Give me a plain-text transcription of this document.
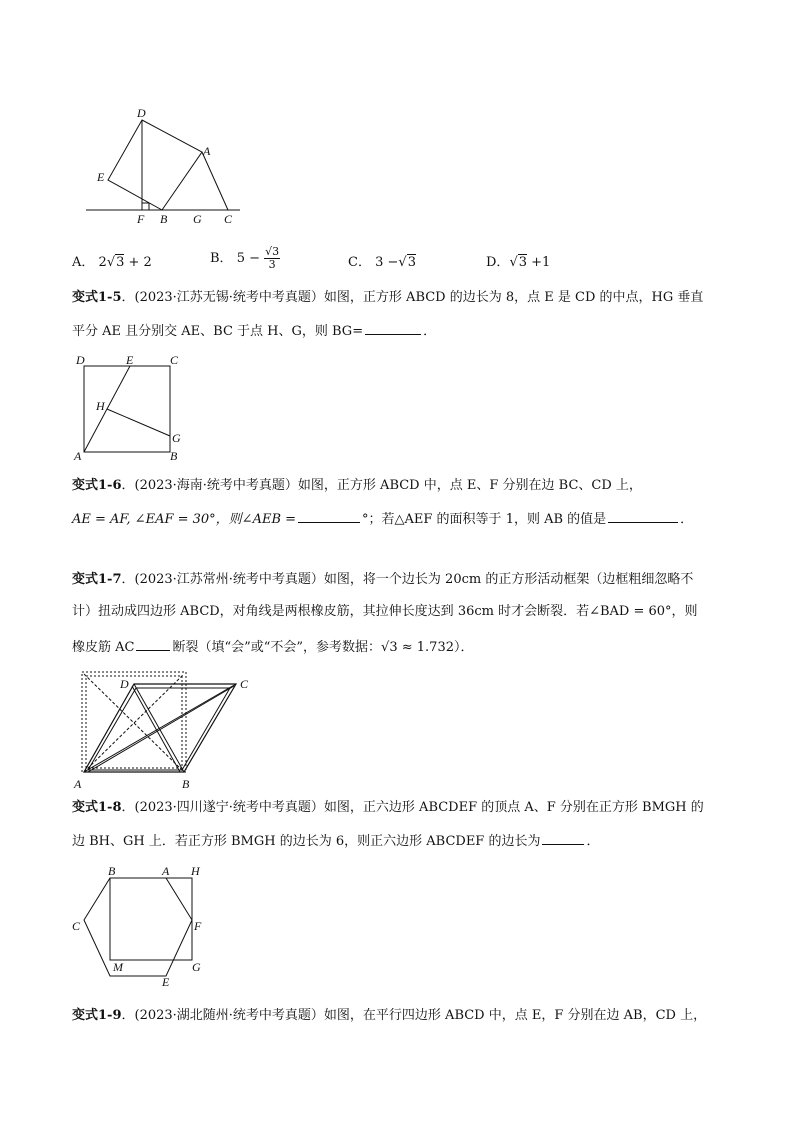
D
A
E
F B G C
A． 2√3 + 2	B． $5 - \frac{√3}{3}$	C． 3 −√3	D．√3 +1
变式1-5．(2023·江苏无锡·统考中考真题）如图，正方形 ABCD 的边长为 8，点 E 是 CD 的中点，HG 垂直
平分 AE 且分别交 AE、BC 于点 H、G，则 BG=	．
D	E	C
H
G
A	B
变式1-6．(2023·海南·统考中考真题）如图，正方形 ABCD 中，点 E、F 分别在边 BC、CD 上，
AE = AF, ∠EAF = 30°，则∠AEB =	°；若△AEF 的面积等于 1，则 AB 的值是	．
变式1-7．(2023·江苏常州·统考中考真题）如图，将一个边长为 20cm 的正方形活动框架（边框粗细忽略不
计）扭动成四边形 ABCD，对角线是两根橡皮筋，其拉伸长度达到 36cm 时才会断裂．若∠BAD = 60°，则
橡皮筋 AC	断裂（填“会”或“不会”，参考数据：√3 ≈ 1.732）．
D	C
A	B
变式1-8．(2023·四川遂宁·统考中考真题）如图，正六边形 ABCDEF 的顶点 A、F 分别在正方形 BMGH 的
边 BH、GH 上．若正方形 BMGH 的边长为 6，则正六边形 ABCDEF 的边长为	．
B	A H
C	F
M
E
G
变式1-9．(2023·湖北随州·统考中考真题）如图，在平行四边形 ABCD 中，点 E，F 分别在边 AB，CD 上，
